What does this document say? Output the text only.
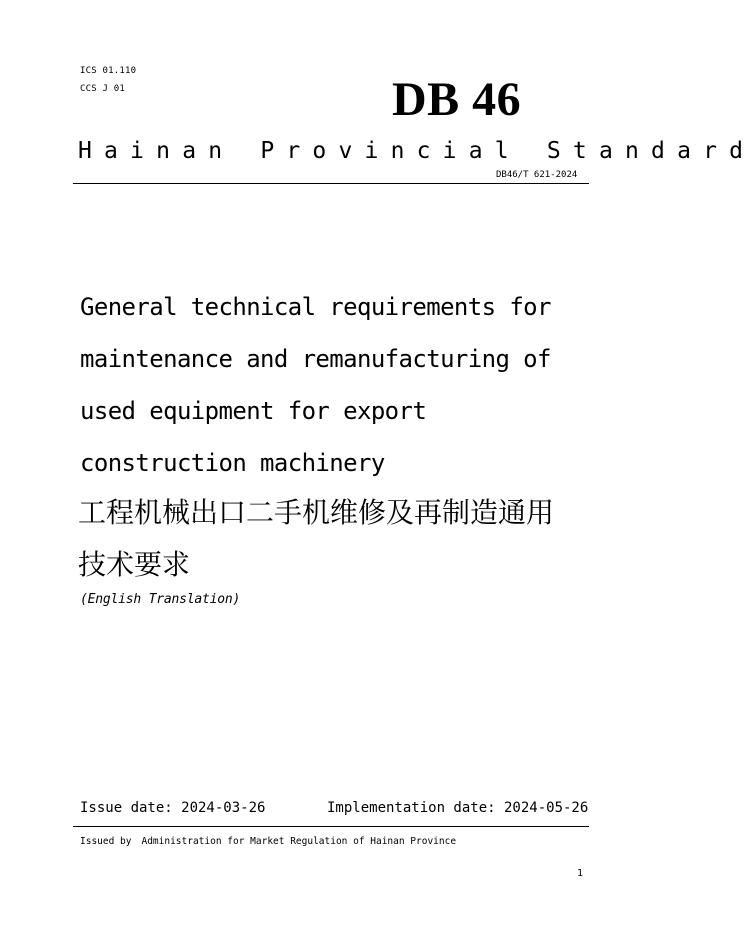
ICS 01.110
CCS J 01	DB 46
Hainan Provincial Standard
DB46/T 621-2024
General technical requirements for
maintenance and remanufacturing of
used equipment for export
construction machinery
工程机械出口二手机维修及再制造通用
技术要求
(English Translation)
Issue date: 2024-03-26	Implementation date: 2024-05-26
Issued by Administration for Market Regulation of Hainan Province
1
